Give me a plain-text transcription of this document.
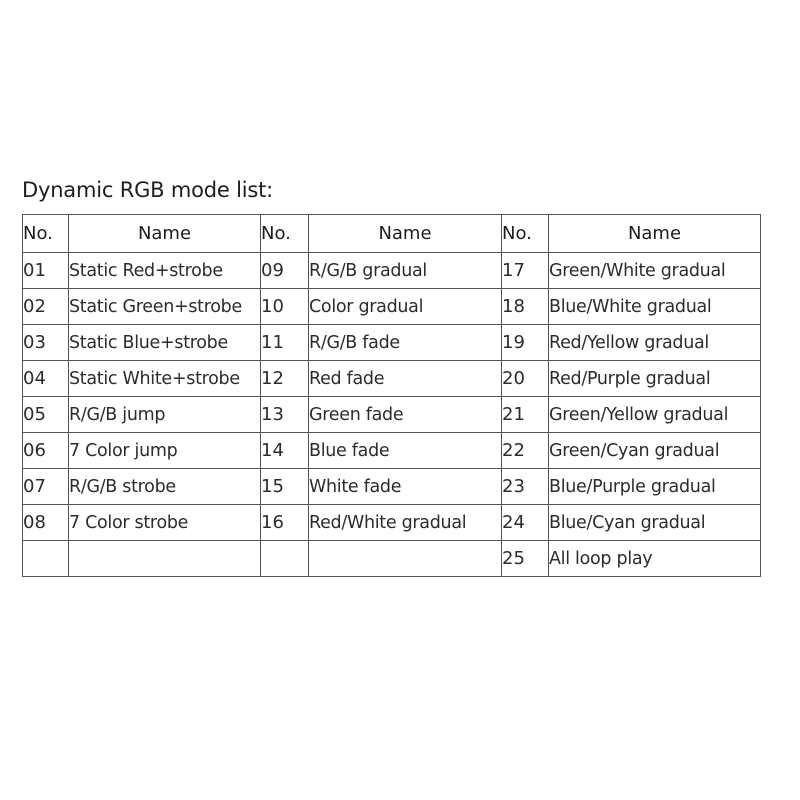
Dynamic RGB mode list:
No.	Name	No.	Name	No.	Name
01	Static Red+strobe	09	R/G/B gradual	17	Green/White gradual
02	Static Green+strobe	10	Color gradual	18	Blue/White gradual
03	Static Blue+strobe	11	R/G/B fade	19	Red/Yellow gradual
04	Static White+strobe	12	Red fade	20	Red/Purple gradual
05	R/G/B jump	13	Green fade	21	Green/Yellow gradual
06	7 Color jump	14	Blue fade	22	Green/Cyan gradual
07	R/G/B strobe	15	White fade	23	Blue/Purple gradual
08	7 Color strobe	16	Red/White gradual	24	Blue/Cyan gradual
				25	All loop play
